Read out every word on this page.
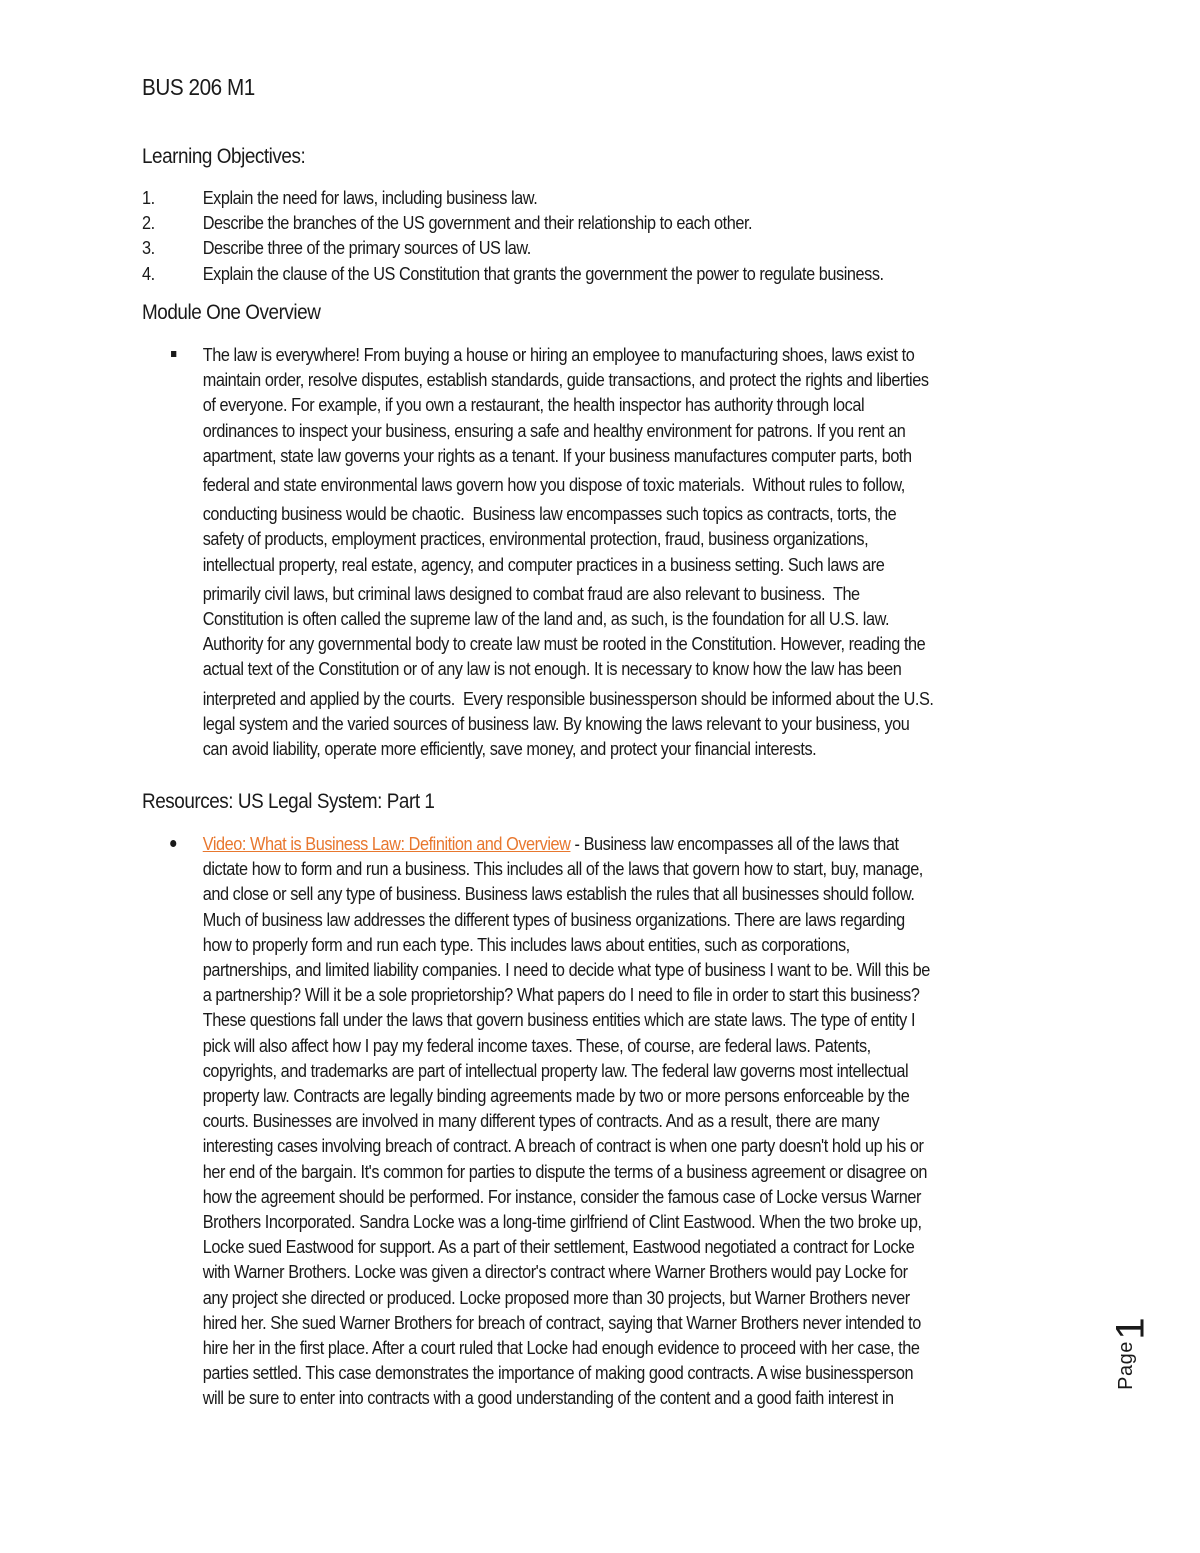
BUS 206 M1
Learning Objectives:
1.	Explain the need for laws, including business law.
2.	Describe the branches of the US government and their relationship to each other.
3.	Describe three of the primary sources of US law.
4.	Explain the clause of the US Constitution that grants the government the power to regulate business.
Module One Overview
The law is everywhere! From buying a house or hiring an employee to manufacturing shoes, laws exist to
maintain order, resolve disputes, establish standards, guide transactions, and protect the rights and liberties
of everyone. For example, if you own a restaurant, the health inspector has authority through local
ordinances to inspect your business, ensuring a safe and healthy environment for patrons. If you rent an
apartment, state law governs your rights as a tenant. If your business manufactures computer parts, both
federal and state environmental laws govern how you dispose of toxic materials.  Without rules to follow,
conducting business would be chaotic.  Business law encompasses such topics as contracts, torts, the
safety of products, employment practices, environmental protection, fraud, business organizations,
intellectual property, real estate, agency, and computer practices in a business setting. Such laws are
primarily civil laws, but criminal laws designed to combat fraud are also relevant to business.  The
Constitution is often called the supreme law of the land and, as such, is the foundation for all U.S. law.
Authority for any governmental body to create law must be rooted in the Constitution. However, reading the
actual text of the Constitution or of any law is not enough. It is necessary to know how the law has been
interpreted and applied by the courts.  Every responsible businessperson should be informed about the U.S.
legal system and the varied sources of business law. By knowing the laws relevant to your business, you
can avoid liability, operate more efficiently, save money, and protect your financial interests.
Resources: US Legal System: Part 1
Video: What is Business Law: Definition and Overview - Business law encompasses all of the laws that
dictate how to form and run a business. This includes all of the laws that govern how to start, buy, manage,
and close or sell any type of business. Business laws establish the rules that all businesses should follow.
Much of business law addresses the different types of business organizations. There are laws regarding
how to properly form and run each type. This includes laws about entities, such as corporations,
partnerships, and limited liability companies. I need to decide what type of business I want to be. Will this be
a partnership? Will it be a sole proprietorship? What papers do I need to file in order to start this business?
These questions fall under the laws that govern business entities which are state laws. The type of entity I
pick will also affect how I pay my federal income taxes. These, of course, are federal laws. Patents,
copyrights, and trademarks are part of intellectual property law. The federal law governs most intellectual
property law. Contracts are legally binding agreements made by two or more persons enforceable by the
courts. Businesses are involved in many different types of contracts. And as a result, there are many
interesting cases involving breach of contract. A breach of contract is when one party doesn't hold up his or
her end of the bargain. It's common for parties to dispute the terms of a business agreement or disagree on
how the agreement should be performed. For instance, consider the famous case of Locke versus Warner
Brothers Incorporated. Sandra Locke was a long-time girlfriend of Clint Eastwood. When the two broke up,
Locke sued Eastwood for support. As a part of their settlement, Eastwood negotiated a contract for Locke
with Warner Brothers. Locke was given a director's contract where Warner Brothers would pay Locke for
any project she directed or produced. Locke proposed more than 30 projects, but Warner Brothers never
hired her. She sued Warner Brothers for breach of contract, saying that Warner Brothers never intended to
hire her in the first place. After a court ruled that Locke had enough evidence to proceed with her case, the
parties settled. This case demonstrates the importance of making good contracts. A wise businessperson
will be sure to enter into contracts with a good understanding of the content and a good faith interest in
Page
1
